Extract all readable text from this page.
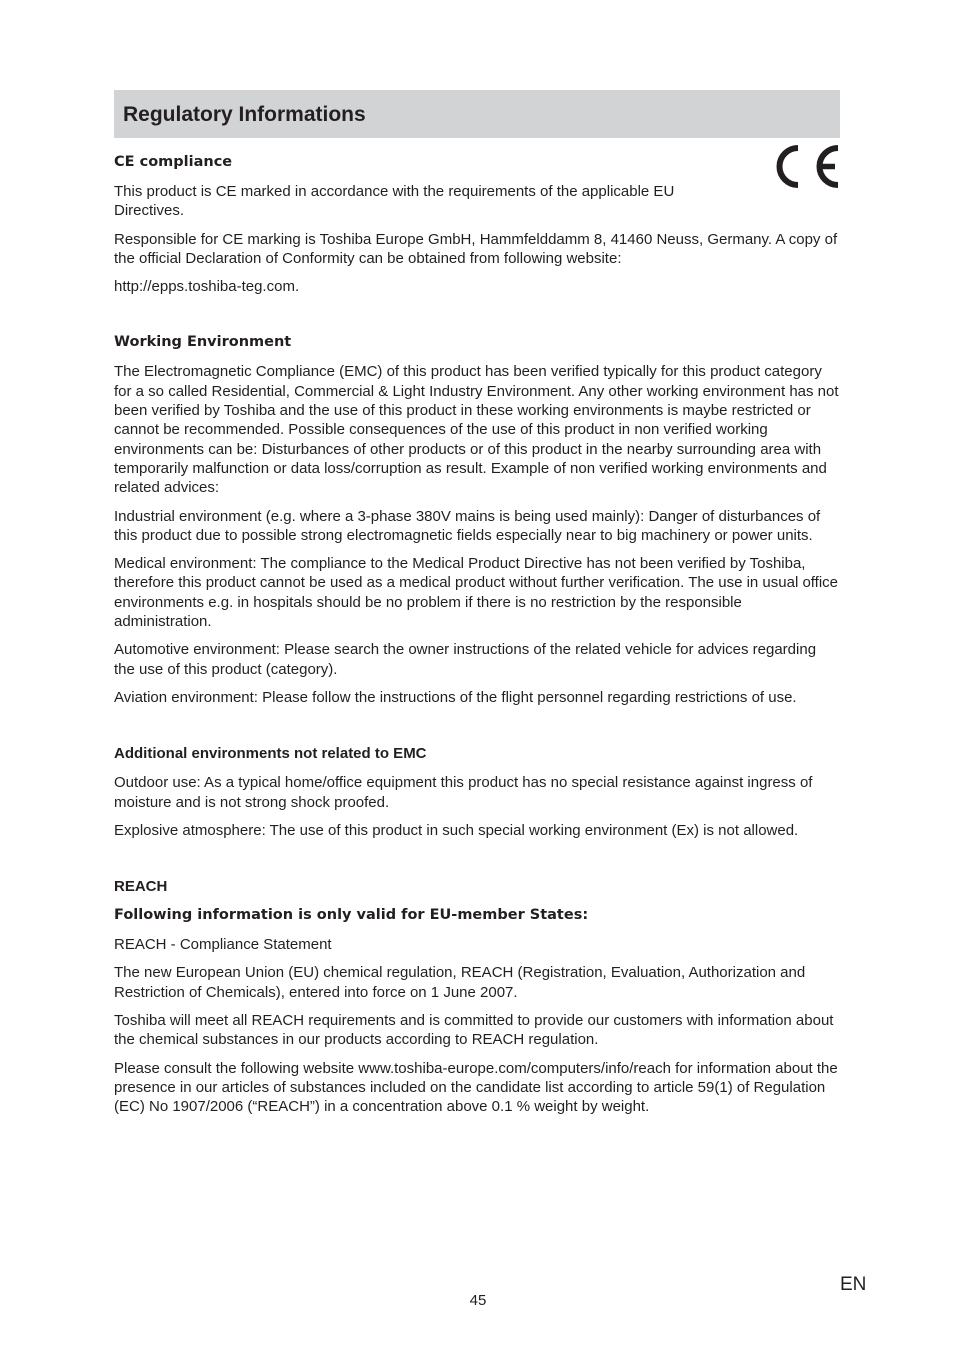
Regulatory Informations
CE compliance

This product is CE marked in accordance with the requirements of the applicable EU Directives.

Responsible for CE marking is Toshiba Europe GmbH, Hammfelddamm 8, 41460 Neuss, Germany. A copy of the official Declaration of Conformity can be obtained from following website:

http://epps.toshiba-teg.com.

Working Environment

The Electromagnetic Compliance (EMC) of this product has been verified typically for this product category for a so called Residential, Commercial & Light Industry Environment. Any other working environment has not been verified by Toshiba and the use of this product in these working environments is maybe restricted or cannot be recommended. Possible consequences of the use of this product in non verified working environments can be: Disturbances of other products or of this product in the nearby surrounding area with temporarily malfunction or data loss/corruption as result. Example of non verified working environments and related advices:

Industrial environment (e.g. where a 3-phase 380V mains is being used mainly): Danger of disturbances of this product due to possible strong electromagnetic fields especially near to big machinery or power units.

Medical environment: The compliance to the Medical Product Directive has not been verified by Toshiba, therefore this product cannot be used as a medical product without further verification. The use in usual office environments e.g. in hospitals should be no problem if there is no restriction by the responsible administration.

Automotive environment: Please search the owner instructions of the related vehicle for advices regarding the use of this product (category).

Aviation environment: Please follow the instructions of the flight personnel regarding restrictions of use.

Additional environments not related to EMC

Outdoor use: As a typical home/office equipment this product has no special resistance against ingress of moisture and is not strong shock proofed.

Explosive atmosphere: The use of this product in such special working environment (Ex) is not allowed.

REACH
Following information is only valid for EU-member States:

REACH - Compliance Statement

The new European Union (EU) chemical regulation, REACH (Registration, Evaluation, Authorization and Restriction of Chemicals), entered into force on 1 June 2007.

Toshiba will meet all REACH requirements and is committed to provide our customers with information about the chemical substances in our products according to REACH regulation.

Please consult the following website www.toshiba-europe.com/computers/info/reach for information about the presence in our articles of substances included on the candidate list according to article 59(1) of Regulation (EC) No 1907/2006 (“REACH”) in a concentration above 0.1 % weight by weight.

45
EN
